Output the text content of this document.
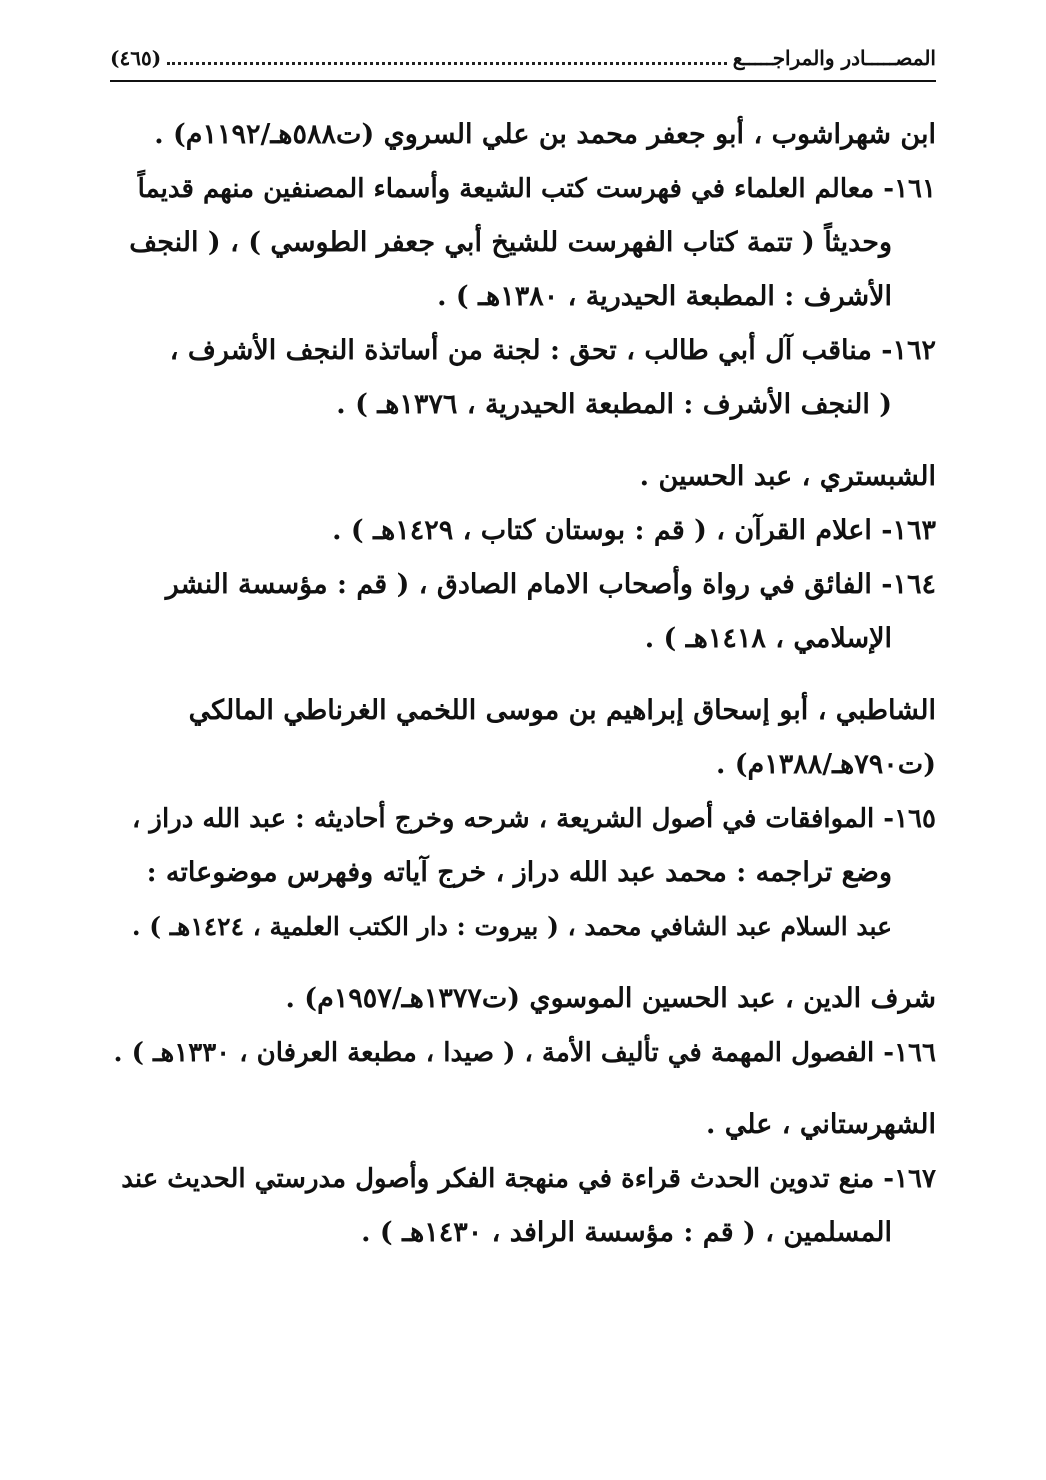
المصـــــادر والمراجـــــع
(٤٦٥)
ابن شهراشوب ، أبو جعفر محمد بن علي السروي (ت٥٨٨هـ/١١٩٢م) .
١٦١- معالم العلماء في فهرست كتب الشيعة وأسماء المصنفين منهم قديماً
وحديثاً ( تتمة كتاب الفهرست للشيخ أبي جعفر الطوسي ) ، ( النجف
الأشرف : المطبعة الحيدرية ، ١٣٨٠هـ ) .
١٦٢- مناقب آل أبي طالب ، تحق : لجنة من أساتذة النجف الأشرف ،
( النجف الأشرف : المطبعة الحيدرية ، ١٣٧٦هـ ) .
الشبستري ، عبد الحسين .
١٦٣- اعلام القرآن ، ( قم : بوستان كتاب ، ١٤٢٩هـ ) .
١٦٤- الفائق في رواة وأصحاب الامام الصادق ، ( قم : مؤسسة النشر
الإسلامي ، ١٤١٨هـ ) .
الشاطبي ، أبو إسحاق إبراهيم بن موسى اللخمي الغرناطي المالكي
(ت٧٩٠هـ/١٣٨٨م) .
١٦٥- الموافقات في أصول الشريعة ، شرحه وخرج أحاديثه : عبد الله دراز ،
وضع تراجمه : محمد عبد الله دراز ، خرج آياته وفهرس موضوعاته :
عبد السلام عبد الشافي محمد ، ( بيروت : دار الكتب العلمية ، ١٤٢٤هـ ) .
شرف الدين ، عبد الحسين الموسوي (ت١٣٧٧هـ/١٩٥٧م) .
١٦٦- الفصول المهمة في تأليف الأمة ، ( صيدا ، مطبعة العرفان ، ١٣٣٠هـ ) .
الشهرستاني ، علي .
١٦٧- منع تدوين الحدث قراءة في منهجة الفكر وأصول مدرستي الحديث عند
المسلمين ، ( قم : مؤسسة الرافد ، ١٤٣٠هـ ) .
